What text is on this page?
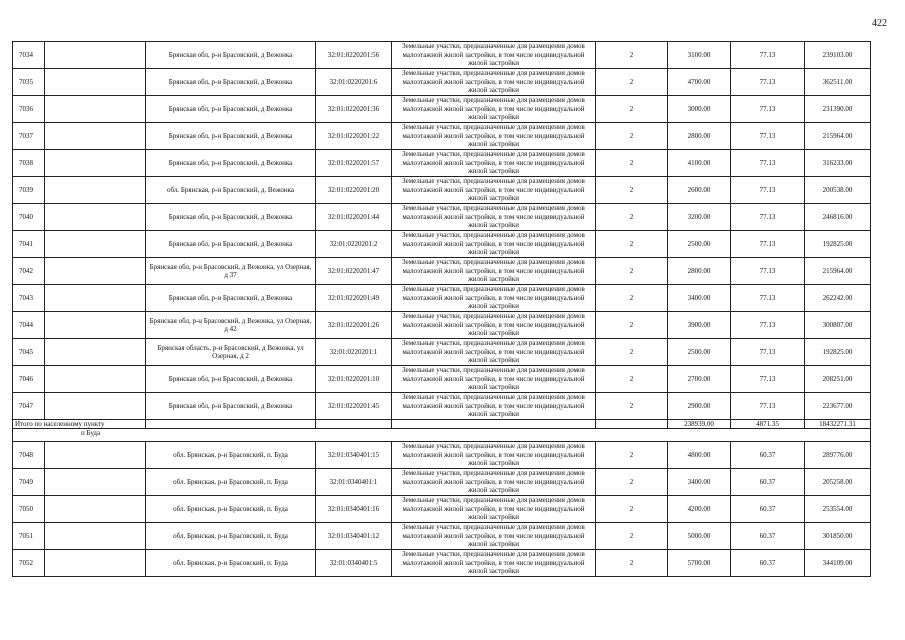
422
7034		Брянская обл, р-н Брасовский, д Вежонка	32:01:0220201:56	Земельные участки, предназначенные для размещения домов малоэтажной жилой застройки, в том числе индивидуальной жилой застройки	2	3100.00	77.13	239103.00
7035		Брянская обл, р-н Брасовский, д Вежонка	32:01:0220201:6	Земельные участки, предназначенные для размещения домов малоэтажной жилой застройки, в том числе индивидуальной жилой застройки	2	4700.00	77.13	362511.00
7036		Брянская обл, р-н Брасовский, д Вежонка	32:01:0220201:36	Земельные участки, предназначенные для размещения домов малоэтажной жилой застройки, в том числе индивидуальной жилой застройки	2	3000.00	77.13	231390.00
7037		Брянская обл, р-н Брасовский, д Вежонка	32:01:0220201:22	Земельные участки, предназначенные для размещения домов малоэтажной жилой застройки, в том числе индивидуальной жилой застройки	2	2800.00	77.13	215964.00
7038		Брянская обл, р-н Брасовский, д Вежонка	32:01:0220201:57	Земельные участки, предназначенные для размещения домов малоэтажной жилой застройки, в том числе индивидуальной жилой застройки	2	4100.00	77.13	316233.00
7039		обл. Брянская, р-н Брасовский, д. Вежонка	32:01:0220201:20	Земельные участки, предназначенные для размещения домов малоэтажной жилой застройки, в том числе индивидуальной жилой застройки	2	2600.00	77.13	200538.00
7040		Брянская обл, р-н Брасовский, д Вежонка	32:01:0220201:44	Земельные участки, предназначенные для размещения домов малоэтажной жилой застройки, в том числе индивидуальной жилой застройки	2	3200.00	77.13	246816.00
7041		Брянская обл, р-н Брасовский, д Вежонка	32:01:0220201:2	Земельные участки, предназначенные для размещения домов малоэтажной жилой застройки, в том числе индивидуальной жилой застройки	2	2500.00	77.13	192825.00
7042		Брянская обл, р-н Брасовский, д Вежонка, ул Озерная, д 37	32:01:0220201:47	Земельные участки, предназначенные для размещения домов малоэтажной жилой застройки, в том числе индивидуальной жилой застройки	2	2800.00	77.13	215964.00
7043		Брянская обл, р-н Брасовский, д Вежонка	32:01:0220201:49	Земельные участки, предназначенные для размещения домов малоэтажной жилой застройки, в том числе индивидуальной жилой застройки	2	3400.00	77.13	262242.00
7044		Брянская обл, р-н Брасовский, д Вежонка, ул Озерная, д 42	32:01:0220201:26	Земельные участки, предназначенные для размещения домов малоэтажной жилой застройки, в том числе индивидуальной жилой застройки	2	3900.00	77.13	300807.00
7045		Брянская область, р-н Брасовский, д Вежонка, ул Озерная, д 2	32:01:0220201:1	Земельные участки, предназначенные для размещения домов малоэтажной жилой застройки, в том числе индивидуальной жилой застройки	2	2500.00	77.13	192825.00
7046		Брянская обл, р-н Брасовский, д Вежонка	32:01:0220201:10	Земельные участки, предназначенные для размещения домов малоэтажной жилой застройки, в том числе индивидуальной жилой застройки	2	2700.00	77.13	208251.00
7047		Брянская обл, р-н Брасовский, д Вежонка	32:01:0220201:45	Земельные участки, предназначенные для размещения домов малоэтажной жилой застройки, в том числе индивидуальной жилой застройки	2	2900.00	77.13	223677.00
Итого по населенному пункту						238939.00	4871.35	18432271.31
п Буда								
7048		обл. Брянская, р-н Брасовский, п. Буда	32:01:0340401:15	Земельные участки, предназначенные для размещения домов малоэтажной жилой застройки, в том числе индивидуальной жилой застройки	2	4800.00	60.37	289776.00
7049		обл. Брянская, р-н Брасовский, п. Буда	32:01:0340401:1	Земельные участки, предназначенные для размещения домов малоэтажной жилой застройки, в том числе индивидуальной жилой застройки	2	3400.00	60.37	205258.00
7050		обл. Брянская, р-н Брасовский, п. Буда	32:01:0340401:16	Земельные участки, предназначенные для размещения домов малоэтажной жилой застройки, в том числе индивидуальной жилой застройки	2	4200.00	60.37	253554.00
7051		обл. Брянская, р-н Брасовский, п. Буда	32:01:0340401:12	Земельные участки, предназначенные для размещения домов малоэтажной жилой застройки, в том числе индивидуальной жилой застройки	2	5000.00	60.37	301850.00
7052		обл. Брянская, р-н Брасовский, п. Буда	32:01:0340401:5	Земельные участки, предназначенные для размещения домов малоэтажной жилой застройки, в том числе индивидуальной жилой застройки	2	5700.00	60.37	344109.00
